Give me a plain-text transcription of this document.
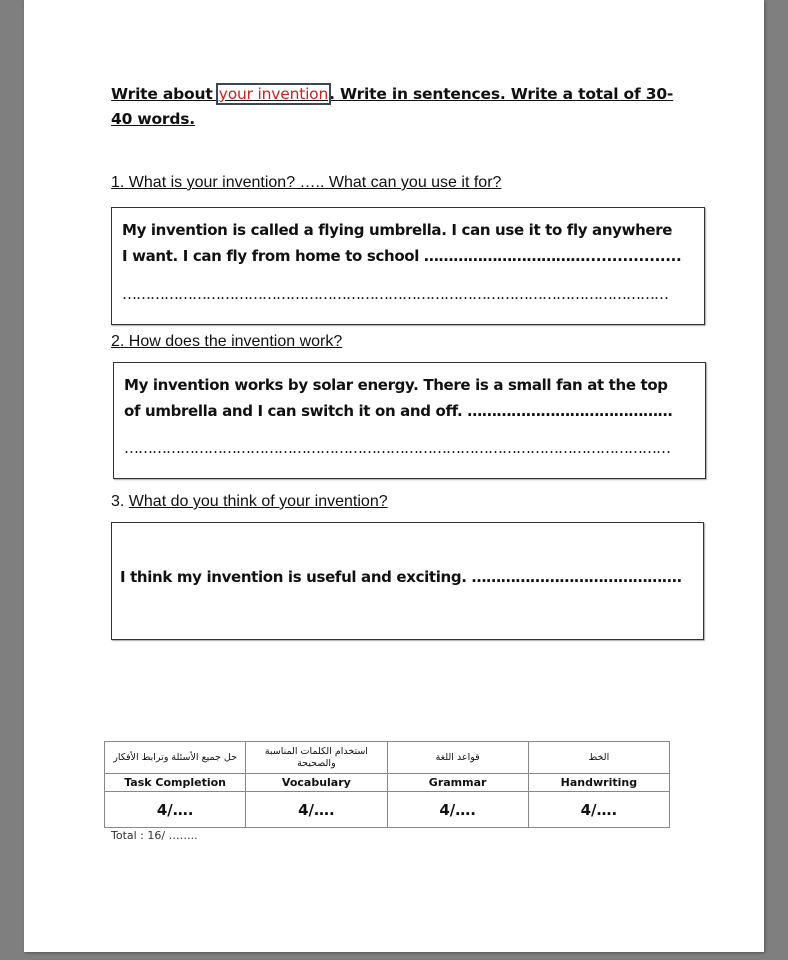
Write about your invention. Write in sentences. Write a total of 30-40 words.
1. What is your invention? ….. What can you use it for?
My invention is called a flying umbrella. I can use it to fly anywhere
I want. I can fly from home to school ……………………………..................
………………………………………………………………………………………………………
2. How does the invention work?
My invention works by solar energy. There is a small fan at the top
of umbrella and I can switch it on and off. ……………………………………
………………………………………………………………………………………………………
3. What do you think of your invention?
I think my invention is useful and exciting. …………………………………….
حل جميع الأسئلة وترابط الأفكار	استخدام الكلمات المناسبة والصحيحة	قواعد اللغة	الخط
Task Completion	Vocabulary	Grammar	Handwriting
4/….	4/….	4/….	4/….
Total : 16/ ……..
